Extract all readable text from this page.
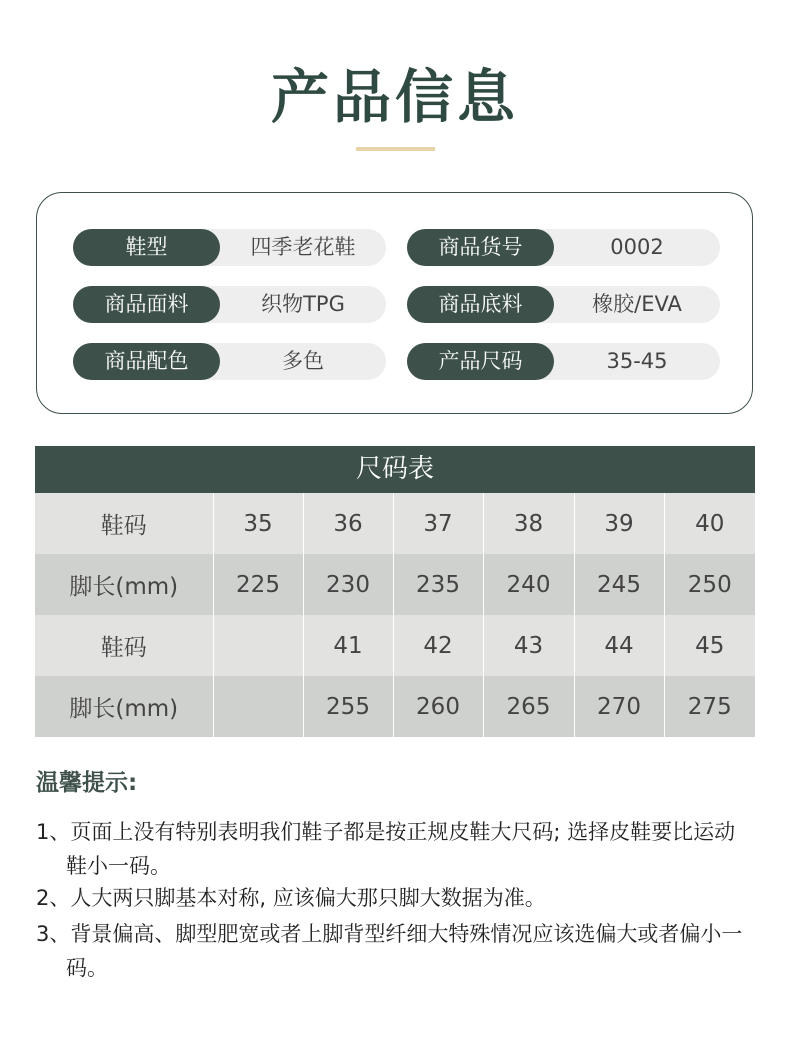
产品信息
鞋型	四季老花鞋	商品货号	0002
商品面料	织物TPG	商品底料	橡胶/EVA
商品配色	多色	产品尺码	35-45
尺码表
鞋码	35	36	37	38	39	40
脚长(mm)	225	230	235	240	245	250
鞋码		41	42	43	44	45
脚长(mm)		255	260	265	270	275
温馨提示:
1、页面上没有特别表明我们鞋子都是按正规皮鞋大尺码; 选择皮鞋要比运动鞋小一码。
2、人大两只脚基本对称, 应该偏大那只脚大数据为准。
3、背景偏高、脚型肥宽或者上脚背型纤细大特殊情况应该选偏大或者偏小一码。
